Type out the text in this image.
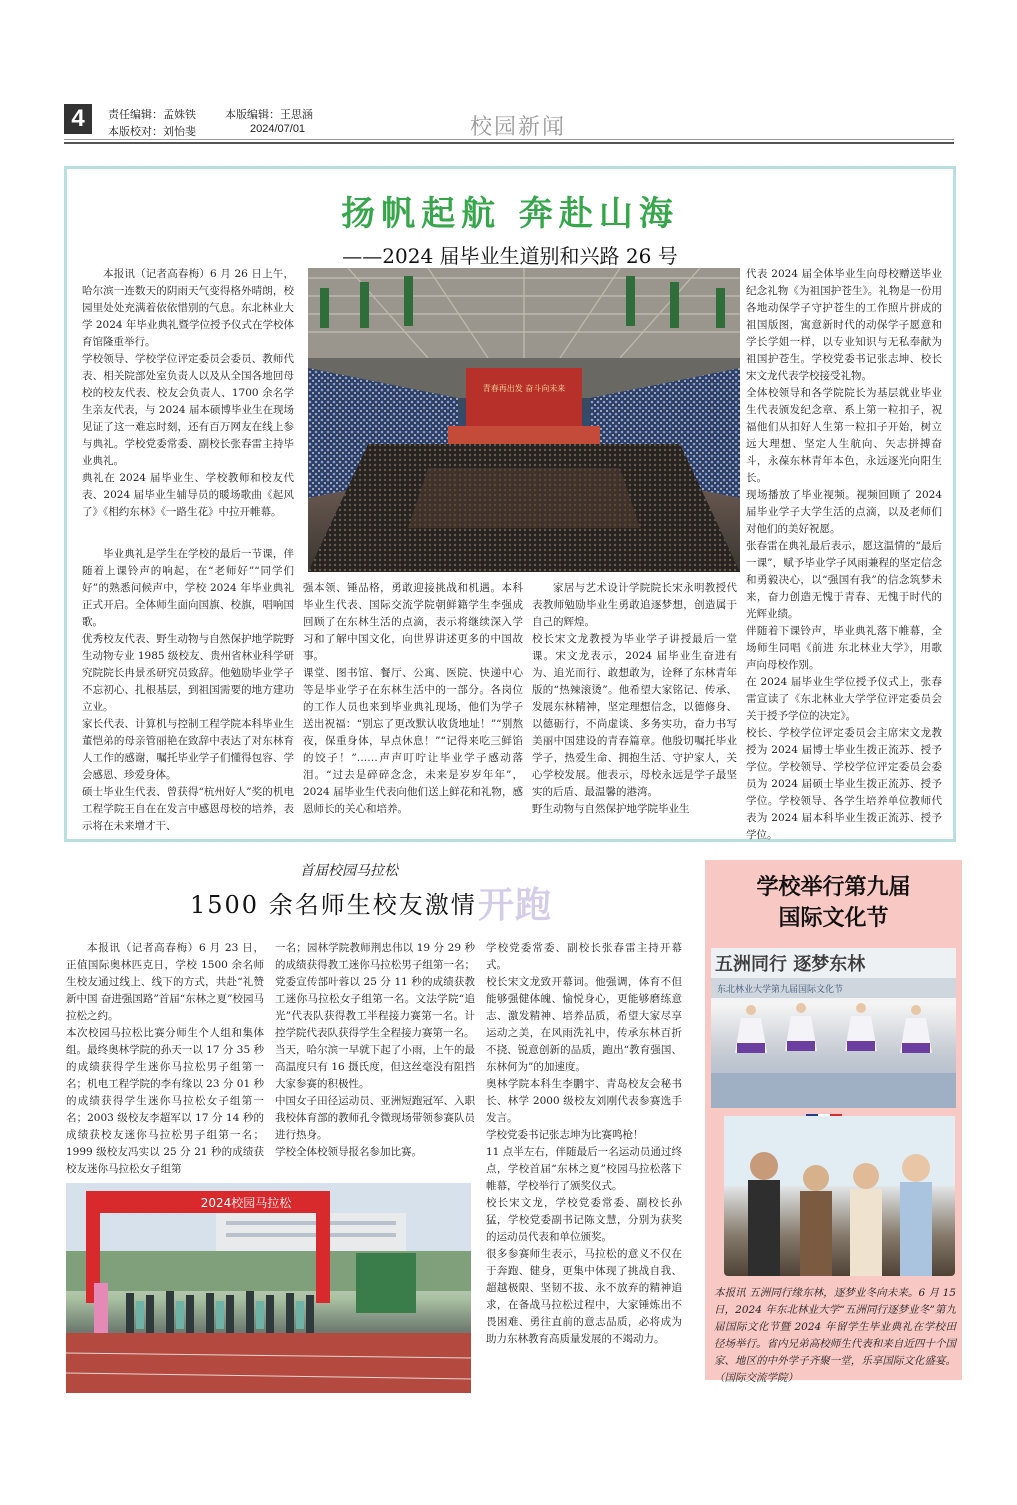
4	责任编辑：孟姝铁	本版编辑：王思涵
本版校对：刘怡斐	2024/07/01	校园新闻
扬帆起航 奔赴山海
——2024 届毕业生道别和兴路 26 号
青春再出发 奋斗向未来
本报讯（记者高春梅）6 月 26 日上午，哈尔滨一连数天的阴雨天气变得格外晴朗，校园里处处充满着依依惜别的气息。东北林业大学 2024 年毕业典礼暨学位授予仪式在学校体育馆隆重举行。
学校领导、学校学位评定委员会委员、教师代表、相关院部处室负责人以及从全国各地回母校的校友代表、校友会负责人、1700 余名学生亲友代表，与 2024 届本硕博毕业生在现场见证了这一难忘时刻，还有百万网友在线上参与典礼。学校党委常委、副校长张春雷主持毕业典礼。
典礼在 2024 届毕业生、学校教师和校友代表、2024 届毕业生辅导员的暖场歌曲《起风了》《相约东林》《一路生花》中拉开帷幕。
毕业典礼是学生在学校的最后一节课，伴随着上课铃声的响起，在“老师好”“同学们好”的熟悉问候声中，学校 2024 年毕业典礼正式开启。全体师生面向国旗、校旗，唱响国歌。
优秀校友代表、野生动物与自然保护地学院野生动物专业 1985 级校友、贵州省林业科学研究院院长冉景丞研究员致辞。他勉励毕业学子不忘初心、扎根基层，到祖国需要的地方建功立业。
家长代表、计算机与控制工程学院本科毕业生董恺弟的母亲管丽艳在致辞中表达了对东林育人工作的感谢，嘱托毕业学子们懂得包容、学会感恩、珍爱身体。
硕士毕业生代表、曾获得“杭州好人”奖的机电工程学院王自在在发言中感恩母校的培养，表示将在未来增才干、
强本领、锤品格，勇敢迎接挑战和机遇。本科毕业生代表、国际交流学院朝鲜籍学生李强成回顾了在东林生活的点滴，表示将继续深入学习和了解中国文化，向世界讲述更多的中国故事。
课堂、图书馆、餐厅、公寓、医院、快递中心等是毕业学子在东林生活中的一部分。各岗位的工作人员也来到毕业典礼现场，他们为学子送出祝福：“别忘了更改默认收货地址！”“别熬夜，保重身体，早点休息！”“记得来吃三鲜馅的饺子！”……声声叮咛让毕业学子感动落泪。“过去是碎碎念念，未来是岁岁年年”，2024 届毕业生代表向他们送上鲜花和礼物，感恩师长的关心和培养。
家居与艺术设计学院院长宋永明教授代表教师勉励毕业生勇敢追逐梦想，创造属于自己的辉煌。
校长宋文龙教授为毕业学子讲授最后一堂课。宋文龙表示，2024 届毕业生奋进有为、追光而行、敢想敢为，诠释了东林青年版的“热辣滚烫”。他希望大家铭记、传承、发展东林精神，坚定理想信念，以德修身、以德砺行，不尚虚谈、多务实功，奋力书写美丽中国建设的青春篇章。他殷切嘱托毕业学子，热爱生命、拥抱生活、守护家人，关心学校发展。他表示，母校永远是学子最坚实的后盾、最温馨的港湾。
野生动物与自然保护地学院毕业生
代表 2024 届全体毕业生向母校赠送毕业纪念礼物《为祖国护苍生》。礼物是一份用各地动保学子守护苍生的工作照片拼成的祖国版图，寓意新时代的动保学子愿意和学长学姐一样，以专业知识与无私奉献为祖国护苍生。学校党委书记张志坤、校长宋文龙代表学校接受礼物。
全体校领导和各学院院长为基层就业毕业生代表颁发纪念章、系上第一粒扣子，祝福他们从扣好人生第一粒扣子开始，树立远大理想、坚定人生航向、矢志拼搏奋斗，永葆东林青年本色，永远逐光向阳生长。
现场播放了毕业视频。视频回顾了 2024 届毕业学子大学生活的点滴，以及老师们对他们的美好祝愿。
张春雷在典礼最后表示，愿这温情的“最后一课”，赋予毕业学子风雨兼程的坚定信念和勇毅决心，以“强国有我”的信念筑梦未来，奋力创造无愧于青春、无愧于时代的光辉业绩。
伴随着下课铃声，毕业典礼落下帷幕，全场师生同唱《前进 东北林业大学》，用歌声向母校作别。
在 2024 届毕业生学位授予仪式上，张春雷宣读了《东北林业大学学位评定委员会关于授予学位的决定》。
校长、学校学位评定委员会主席宋文龙教授为 2024 届博士毕业生拨正流苏、授予学位。学校领导、学校学位评定委员会委员为 2024 届硕士毕业生拨正流苏、授予学位。学校领导、各学生培养单位教师代表为 2024 届本科毕业生拨正流苏、授予学位。
首届校园马拉松
1500 余名师生校友激情 开跑
本报讯（记者高春梅）6 月 23 日，正值国际奥林匹克日，学校 1500 余名师生校友通过线上、线下的方式，共赴“礼赞新中国 奋进强国路”首届“东林之夏”校园马拉松之约。
本次校园马拉松比赛分师生个人组和集体组。最终奥林学院的孙天一以 17 分 35 秒的成绩获得学生迷你马拉松男子组第一名；机电工程学院的李有缘以 23 分 01 秒的成绩获得学生迷你马拉松女子组第一名；2003 级校友李超军以 17 分 14 秒的成绩获校友迷你马拉松男子组第一名；1999 级校友冯实以 25 分 21 秒的成绩获校友迷你马拉松女子组第
一名；园林学院教师荆忠伟以 19 分 29 秒的成绩获得教工迷你马拉松男子组第一名；党委宣传部叶蓉以 25 分 11 秒的成绩获教工迷你马拉松女子组第一名。文法学院“追光”代表队获得教工半程接力赛第一名。计控学院代表队获得学生全程接力赛第一名。
当天，哈尔滨一早就下起了小雨，上午的最高温度只有 16 摄氏度，但这丝毫没有阻挡大家参赛的积极性。
中国女子田径运动员、亚洲短跑冠军、入职我校体育部的教师孔令微现场带领参赛队员进行热身。
学校全体校领导报名参加比赛。
学校党委常委、副校长张春雷主持开幕式。
校长宋文龙致开幕词。他强调，体育不但能够强健体魄、愉悦身心，更能够磨练意志、激发精神、培养品质，希望大家尽享运动之美，在风雨洗礼中，传承东林百折不挠、锐意创新的品质，跑出“教育强国、东林何为”的加速度。
奥林学院本科生李鹏宇、青岛校友会秘书长、林学 2000 级校友刘刚代表参赛选手发言。
学校党委书记张志坤为比赛鸣枪！
11 点半左右，伴随最后一名运动员通过终点，学校首届“东林之夏”校园马拉松落下帷幕，学校举行了颁奖仪式。
校长宋文龙，学校党委常委、副校长孙猛，学校党委副书记陈文慧，分别为获奖的运动员代表和单位颁奖。
很多参赛师生表示，马拉松的意义不仅在于奔跑、健身，更集中体现了挑战自我、超越极限、坚韧不拔、永不放弃的精神追求，在备战马拉松过程中，大家锤炼出不畏困难、勇往直前的意志品质，必将成为助力东林教育高质量发展的不竭动力。
2024校园马拉松
学校举行第九届
国际文化节
五洲同行 逐梦东林
东北林业大学第九届国际文化节
本报讯 五洲同行缘东林，逐梦业冬向未来。6 月 15 日，2024 年东北林业大学“五洲同行逐梦业冬”第九届国际文化节暨 2024 年留学生毕业典礼在学校田径场举行。省内兄弟高校师生代表和来自近四十个国家、地区的中外学子齐聚一堂，乐享国际文化盛宴。（国际交流学院）
